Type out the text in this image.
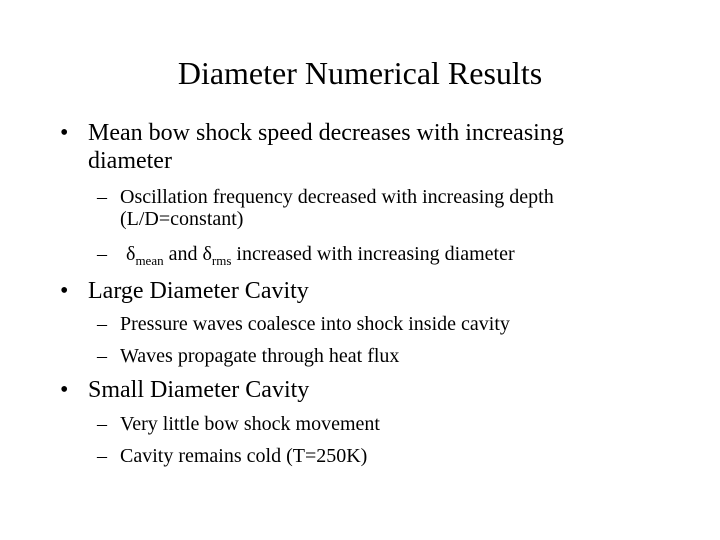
Diameter Numerical Results
• Mean bow shock speed decreases with increasing
diameter
– Oscillation frequency decreased with increasing depth
(L/D=constant)
– $\delta_{mean}$ and $\delta_{rms}$ increased with increasing diameter
• Large Diameter Cavity
– Pressure waves coalesce into shock inside cavity
– Waves propagate through heat flux
• Small Diameter Cavity
– Very little bow shock movement
– Cavity remains cold (T=250K)
